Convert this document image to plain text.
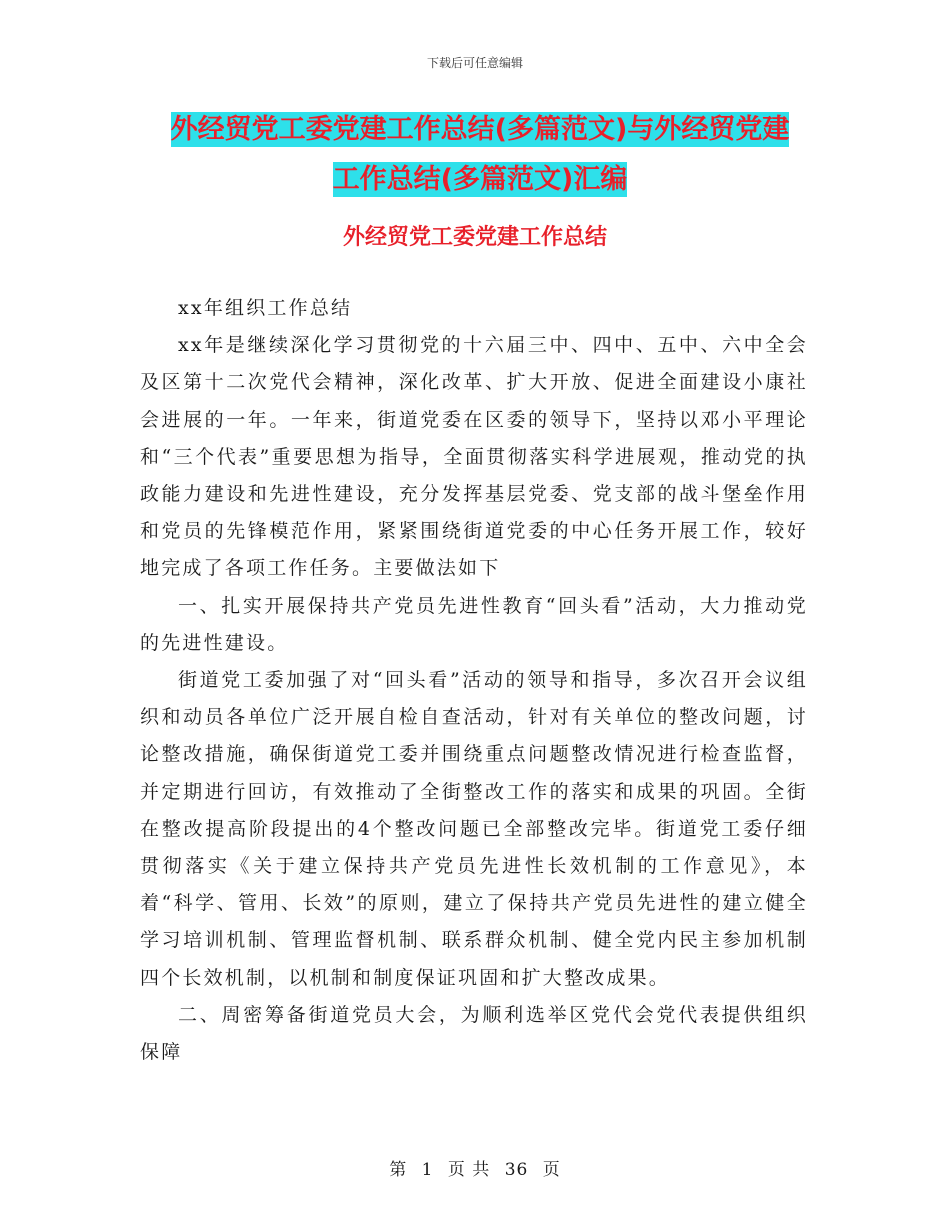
下载后可任意编辑
外经贸党工委党建工作总结(多篇范文)与外经贸党建
工作总结(多篇范文)汇编
外经贸党工委党建工作总结

xx年组织工作总结

xx年是继续深化学习贯彻党的十六届三中、四中、五中、六中全会及区第十二次党代会精神，深化改革、扩大开放、促进全面建设小康社会进展的一年。一年来，街道党委在区委的领导下，坚持以邓小平理论和“三个代表”重要思想为指导，全面贯彻落实科学进展观，推动党的执政能力建设和先进性建设，充分发挥基层党委、党支部的战斗堡垒作用和党员的先锋模范作用，紧紧围绕街道党委的中心任务开展工作，较好地完成了各项工作任务。主要做法如下

一、扎实开展保持共产党员先进性教育“回头看”活动，大力推动党的先进性建设。

街道党工委加强了对“回头看”活动的领导和指导，多次召开会议组织和动员各单位广泛开展自检自查活动，针对有关单位的整改问题，讨论整改措施，确保街道党工委并围绕重点问题整改情况进行检查监督，并定期进行回访，有效推动了全街整改工作的落实和成果的巩固。全街在整改提高阶段提出的4个整改问题已全部整改完毕。街道党工委仔细贯彻落实《关于建立保持共产党员先进性长效机制的工作意见》，本着“科学、管用、长效”的原则，建立了保持共产党员先进性的建立健全学习培训机制、管理监督机制、联系群众机制、健全党内民主参加机制四个长效机制，以机制和制度保证巩固和扩大整改成果。

二、周密筹备街道党员大会，为顺利选举区党代会党代表提供组织保障

第 1 页 共 36 页
